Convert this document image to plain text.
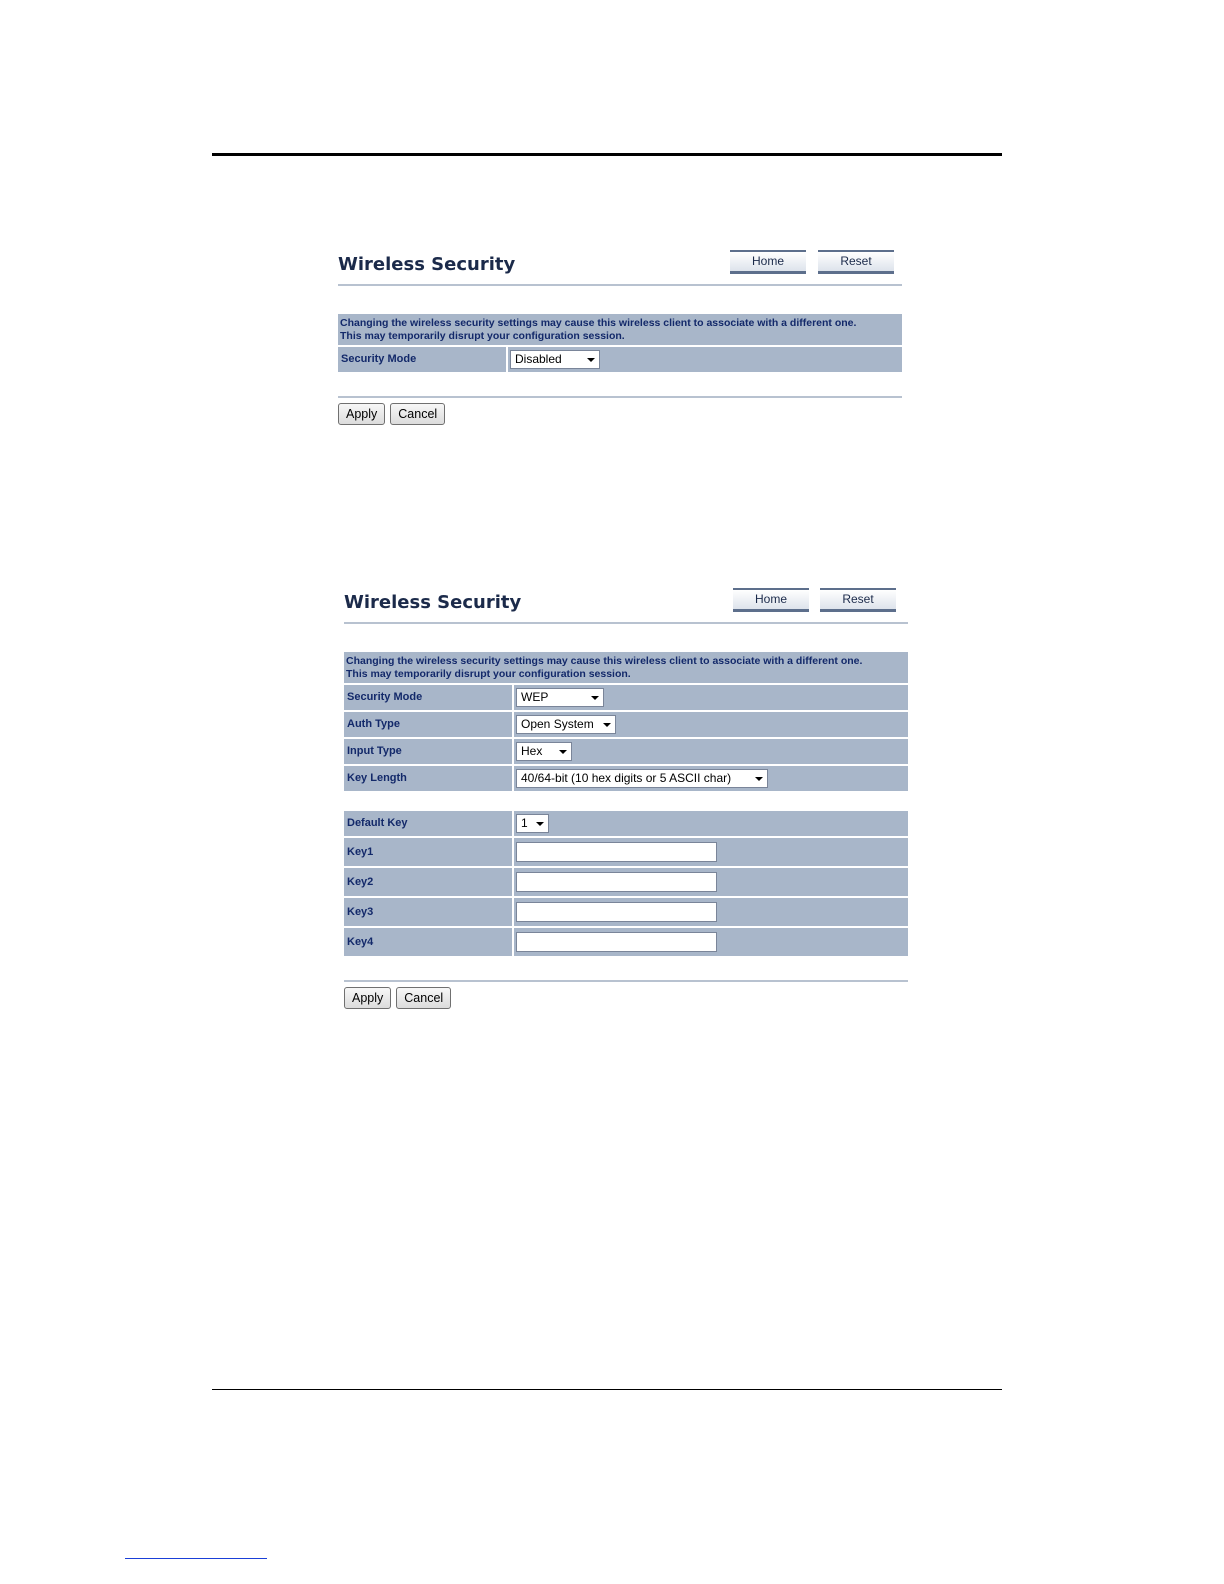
Wireless Security	Home	Reset
Changing the wireless security settings may cause this wireless client to associate with a different one.
This may temporarily disrupt your configuration session.
Security Mode	Disabled
Apply	Cancel
Wireless Security	Home	Reset
Changing the wireless security settings may cause this wireless client to associate with a different one.
This may temporarily disrupt your configuration session.
Security Mode	WEP
Auth Type	Open System
Input Type	Hex
Key Length	40/64-bit (10 hex digits or 5 ASCII char)
Default Key	1
Key1
Key2
Key3
Key4
Apply	Cancel
